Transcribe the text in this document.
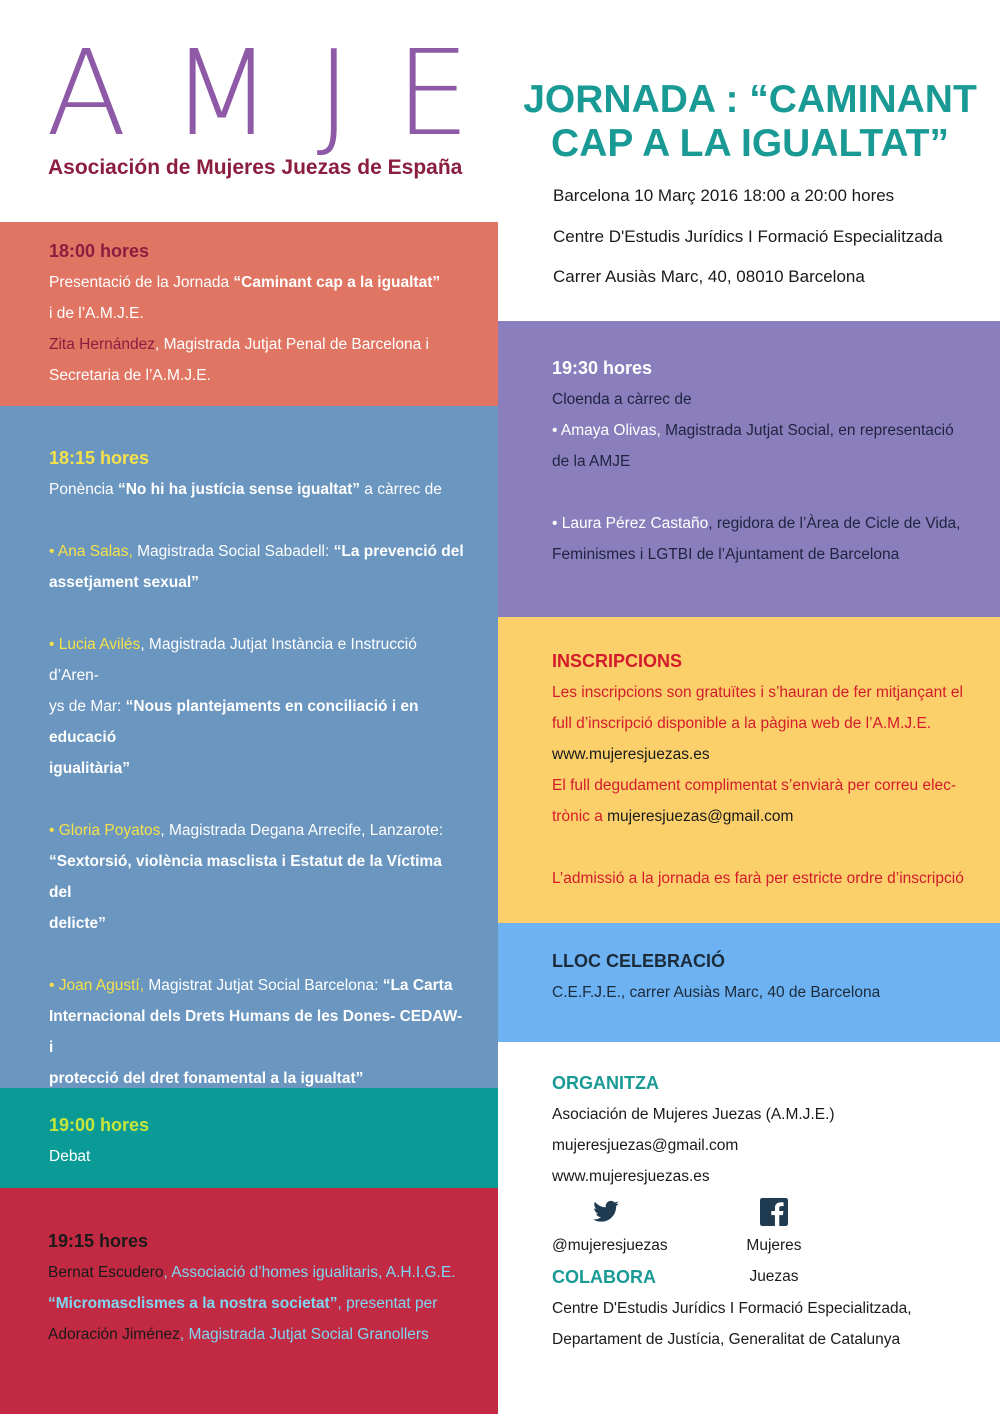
AMJE
Asociación de Mujeres Juezas de España
JORNADA : “CAMINANT
CAP A LA IGUALTAT”
Barcelona 10 Març 2016 18:00 a 20:00 hores
Centre D'Estudis Jurídics I Formació Especialitzada
Carrer Ausiàs Marc, 40, 08010 Barcelona

18:00 hores

Presentació de la Jornada “Caminant cap a la igualtat”

i de l’A.M.J.E.

Zita Hernández, Magistrada Jutjat Penal de Barcelona i

Secretaria de l’A.M.J.E.

18:15 hores

Ponència “No hi ha justícia sense igualtat” a càrrec de

• Ana Salas, Magistrada Social Sabadell: “La prevenció del

assetjament sexual”

• Lucia Avilés, Magistrada Jutjat Instància e Instrucció d’Aren-

ys de Mar: “Nous plantejaments en conciliació i en educació

igualitària”

• Gloria Poyatos, Magistrada Degana Arrecife, Lanzarote:

“Sextorsió, violència masclista i Estatut de la Víctima del

delicte”

• Joan Agustí, Magistrat Jutjat Social Barcelona: “La Carta

Internacional dels Drets Humans de les Dones- CEDAW- i

protecció del dret fonamental a la igualtat”

19:00 hores

Debat

19:15 hores

Bernat Escudero, Associació d’homes igualitaris, A.H.I.G.E.

“Micromasclismes a la nostra societat”, presentat per

Adoración Jiménez, Magistrada Jutjat Social Granollers

19:30 hores

Cloenda a càrrec de

• Amaya Olivas, Magistrada Jutjat Social, en representació

de la AMJE

• Laura Pérez Castaño, regidora de l’Àrea de Cicle de Vida,

Feminismes i LGTBI de l’Ajuntament de Barcelona

INSCRIPCIONS

Les inscripcions son gratuïtes i s’hauran de fer mitjançant el

full d’inscripció disponible a la pàgina web de l’A.M.J.E.

www.mujeresjuezas.es

El full degudament complimentat s’enviarà per correu elec-

trònic a mujeresjuezas@gmail.com

L’admissió a la jornada es farà per estricte ordre d’inscripció

LLOC CELEBRACIÓ

C.E.F.J.E., carrer Ausiàs Marc, 40 de Barcelona

ORGANITZA

Asociación de Mujeres Juezas (A.M.J.E.)

mujeresjuezas@gmail.com

www.mujeresjuezas.es

@mujeresjuezas	Mujeres Juezas

COLABORA

Centre D'Estudis Jurídics I Formació Especialitzada,

Departament de Justícia, Generalitat de Catalunya
